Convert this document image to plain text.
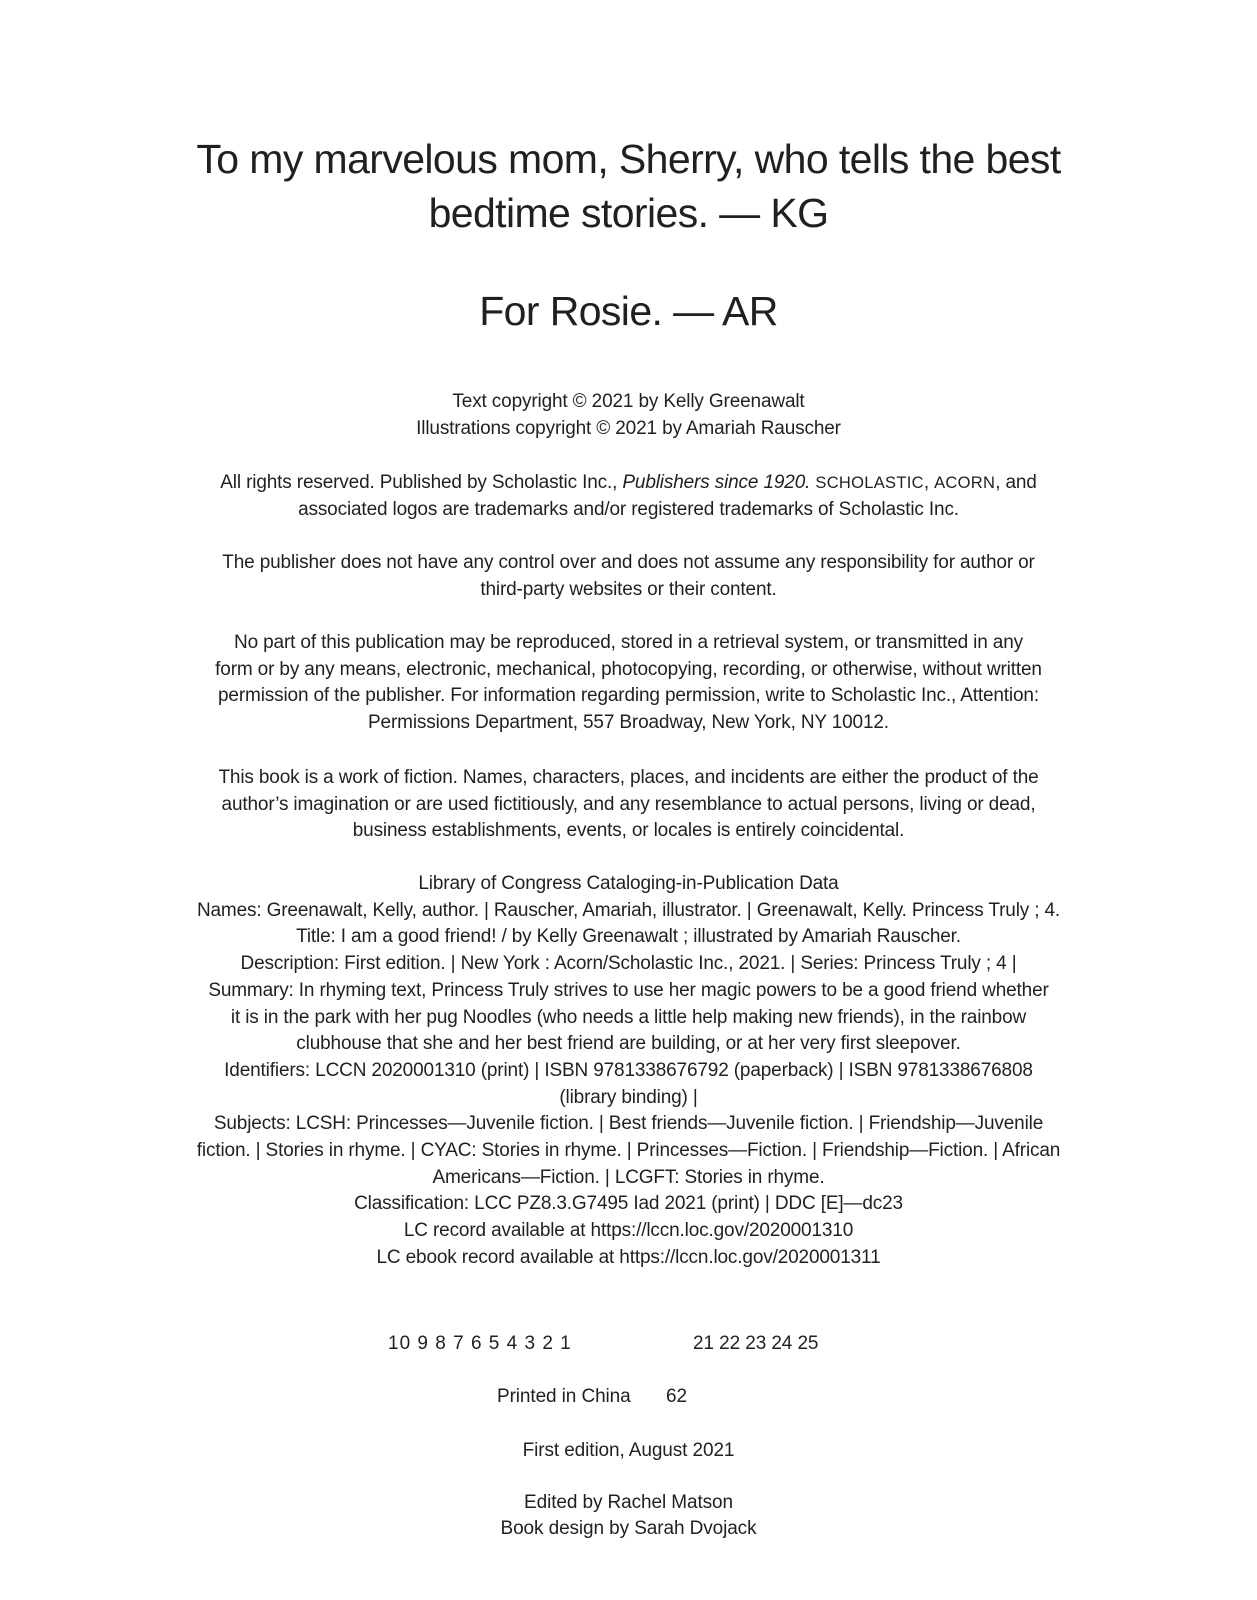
To my marvelous mom, Sherry, who tells the best
bedtime stories. — KG
For Rosie. — AR
Text copyright © 2021 by Kelly Greenawalt
Illustrations copyright © 2021 by Amariah Rauscher
All rights reserved. Published by Scholastic Inc., Publishers since 1920. SCHOLASTIC, ACORN, and
associated logos are trademarks and/or registered trademarks of Scholastic Inc.
The publisher does not have any control over and does not assume any responsibility for author or
third-party websites or their content.
No part of this publication may be reproduced, stored in a retrieval system, or transmitted in any
form or by any means, electronic, mechanical, photocopying, recording, or otherwise, without written
permission of the publisher. For information regarding permission, write to Scholastic Inc., Attention:
Permissions Department, 557 Broadway, New York, NY 10012.
This book is a work of fiction. Names, characters, places, and incidents are either the product of the
author’s imagination or are used fictitiously, and any resemblance to actual persons, living or dead,
business establishments, events, or locales is entirely coincidental.
Library of Congress Cataloging-in-Publication Data
Names: Greenawalt, Kelly, author. | Rauscher, Amariah, illustrator. | Greenawalt, Kelly. Princess Truly ; 4.
Title: I am a good friend! / by Kelly Greenawalt ; illustrated by Amariah Rauscher.
Description: First edition. | New York : Acorn/Scholastic Inc., 2021. | Series: Princess Truly ; 4 |
Summary: In rhyming text, Princess Truly strives to use her magic powers to be a good friend whether
it is in the park with her pug Noodles (who needs a little help making new friends), in the rainbow
clubhouse that she and her best friend are building, or at her very first sleepover.
Identifiers: LCCN 2020001310 (print) | ISBN 9781338676792 (paperback) | ISBN 9781338676808
(library binding) |
Subjects: LCSH: Princesses—Juvenile fiction. | Best friends—Juvenile fiction. | Friendship—Juvenile
fiction. | Stories in rhyme. | CYAC: Stories in rhyme. | Princesses—Fiction. | Friendship—Fiction. | African
Americans—Fiction. | LCGFT: Stories in rhyme.
Classification: LCC PZ8.3.G7495 Iad 2021 (print) | DDC [E]—dc23
LC record available at https://lccn.loc.gov/2020001310
LC ebook record available at https://lccn.loc.gov/2020001311
10 9 8 7 6 5 4 3 2 1	21 22 23 24 25
Printed in China 62
First edition, August 2021
Edited by Rachel Matson
Book design by Sarah Dvojack
